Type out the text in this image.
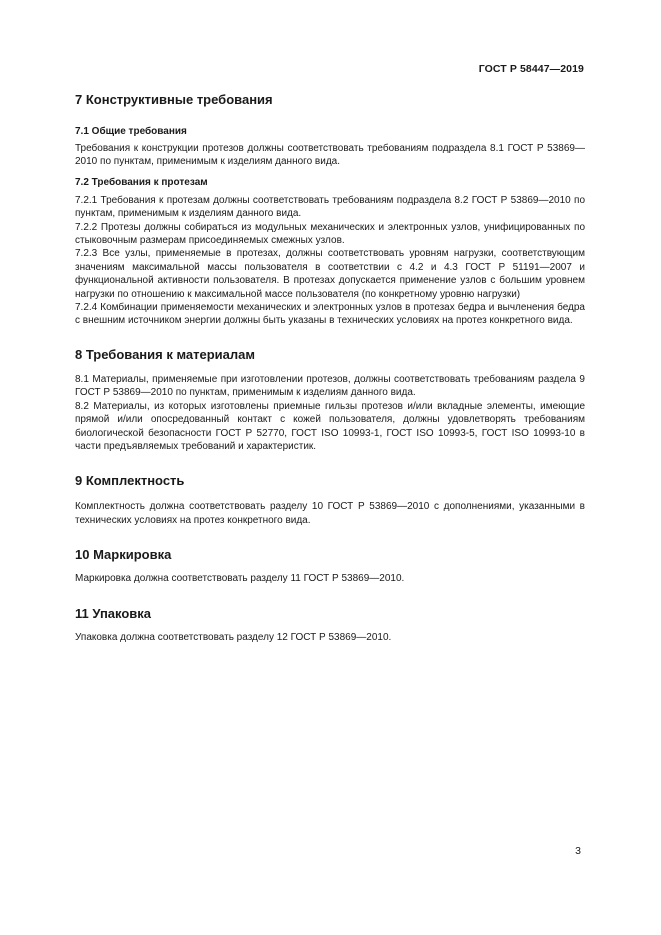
ГОСТ Р 58447—2019
7 Конструктивные требования
7.1 Общие требования

Требования к конструкции протезов должны соответствовать требованиям подраздела 8.1 ГОСТ Р 53869—2010 по пунктам, применимым к изделиям данного вида.

7.2 Требования к протезам

7.2.1 Требования к протезам должны соответствовать требованиям подраздела 8.2 ГОСТ Р 53869—2010 по пунктам, применимым к изделиям данного вида.

7.2.2 Протезы должны собираться из модульных механических и электронных узлов, унифицированных по стыковочным размерам присоединяемых смежных узлов.

7.2.3 Все узлы, применяемые в протезах, должны соответствовать уровням нагрузки, соответствующим значениям максимальной массы пользователя в соответствии с 4.2 и 4.3 ГОСТ Р 51191—2007 и функциональной активности пользователя. В протезах допускается применение узлов с большим уровнем нагрузки по отношению к максимальной массе пользователя (по конкретному уровню нагрузки)

7.2.4 Комбинации применяемости механических и электронных узлов в протезах бедра и вычленения бедра с внешним источником энергии должны быть указаны в технических условиях на протез конкретного вида.

8 Требования к материалам

8.1 Материалы, применяемые при изготовлении протезов, должны соответствовать требованиям раздела 9 ГОСТ Р 53869—2010 по пунктам, применимым к изделиям данного вида.

8.2 Материалы, из которых изготовлены приемные гильзы протезов и/или вкладные элементы, имеющие прямой и/или опосредованный контакт с кожей пользователя, должны удовлетворять требованиям биологической безопасности ГОСТ Р 52770, ГОСТ ISO 10993-1, ГОСТ ISO 10993-5, ГОСТ ISO 10993-10 в части предъявляемых требований и характеристик.

9 Комплектность

Комплектность должна соответствовать разделу 10 ГОСТ Р 53869—2010 с дополнениями, указанными в технических условиях на протез конкретного вида.

10 Маркировка

Маркировка должна соответствовать разделу 11 ГОСТ Р 53869—2010.

11 Упаковка

Упаковка должна соответствовать разделу 12 ГОСТ Р 53869—2010.

3
